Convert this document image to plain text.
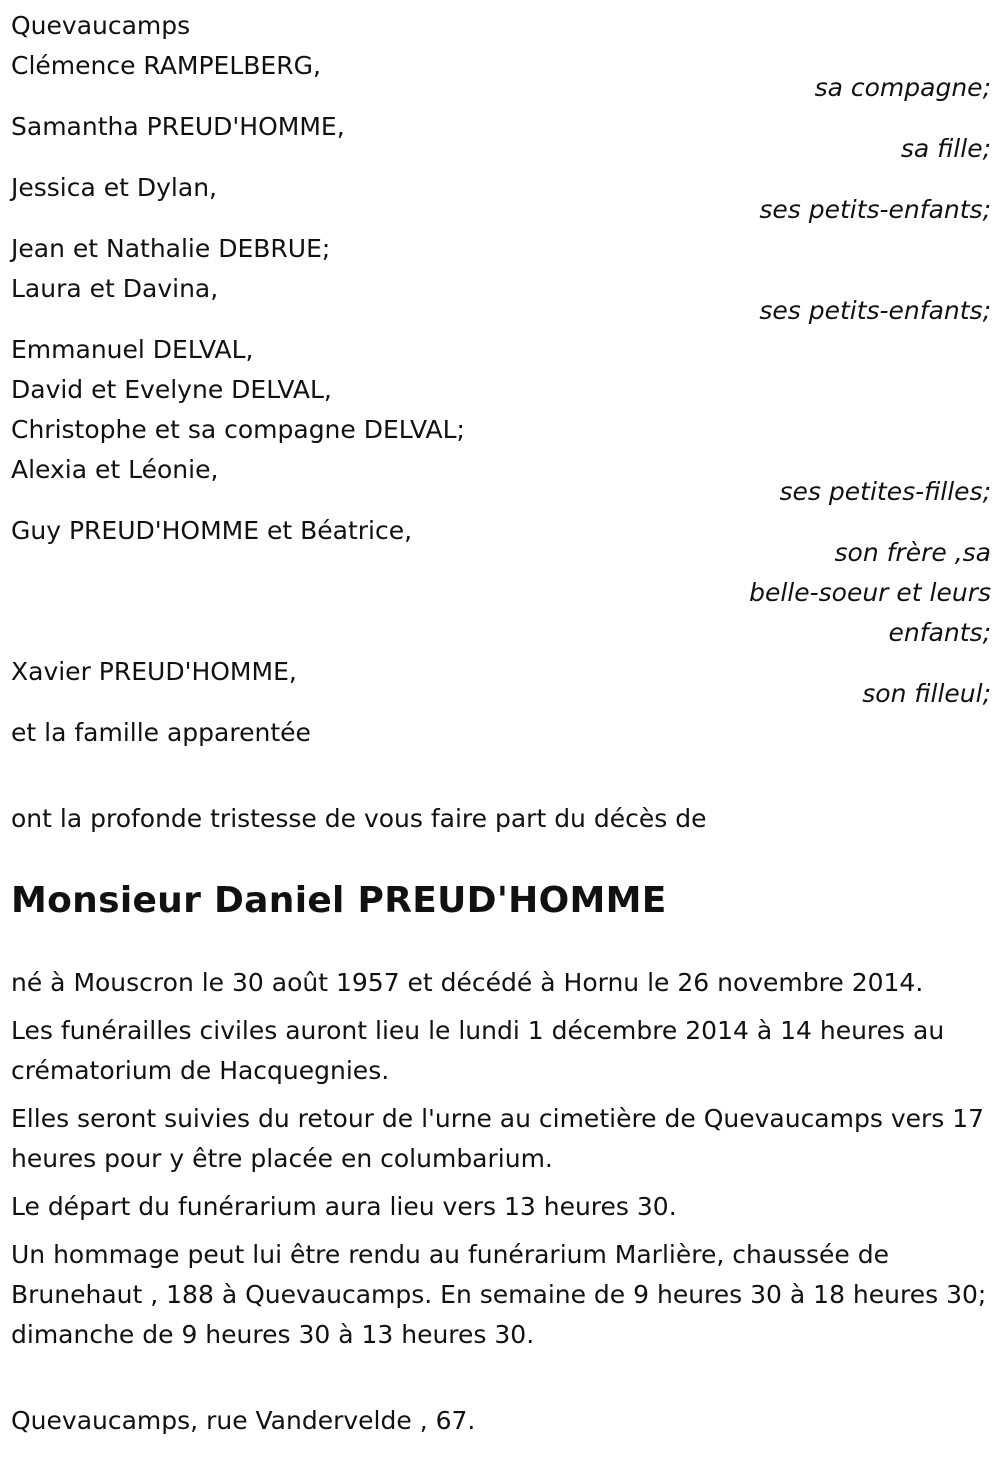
Quevaucamps
Clémence RAMPELBERG,
sa compagne;
Samantha PREUD'HOMME,
sa fille;
Jessica et Dylan,
ses petits-enfants;
Jean et Nathalie DEBRUE;
Laura et Davina,
ses petits-enfants;
Emmanuel DELVAL,
David et Evelyne DELVAL,
Christophe et sa compagne DELVAL;
Alexia et Léonie,
ses petites-filles;
Guy PREUD'HOMME et Béatrice,
son frère ,sa
belle-soeur et leurs
enfants;
Xavier PREUD'HOMME,
son filleul;
et la famille apparentée
ont la profonde tristesse de vous faire part du décès de
Monsieur Daniel PREUD'HOMME

né à Mouscron le 30 août 1957 et décédé à Hornu le 26 novembre 2014.

Les funérailles civiles auront lieu le lundi 1 décembre 2014 à 14 heures au crématorium de Hacquegnies.

Elles seront suivies du retour de l'urne au cimetière de Quevaucamps vers 17 heures pour y être placée en columbarium.

Le départ du funérarium aura lieu vers 13 heures 30.

Un hommage peut lui être rendu au funérarium Marlière, chaussée de Brunehaut , 188 à Quevaucamps. En semaine de 9 heures 30 à 18 heures 30; dimanche de 9 heures 30 à 13 heures 30.

Quevaucamps, rue Vandervelde , 67.
